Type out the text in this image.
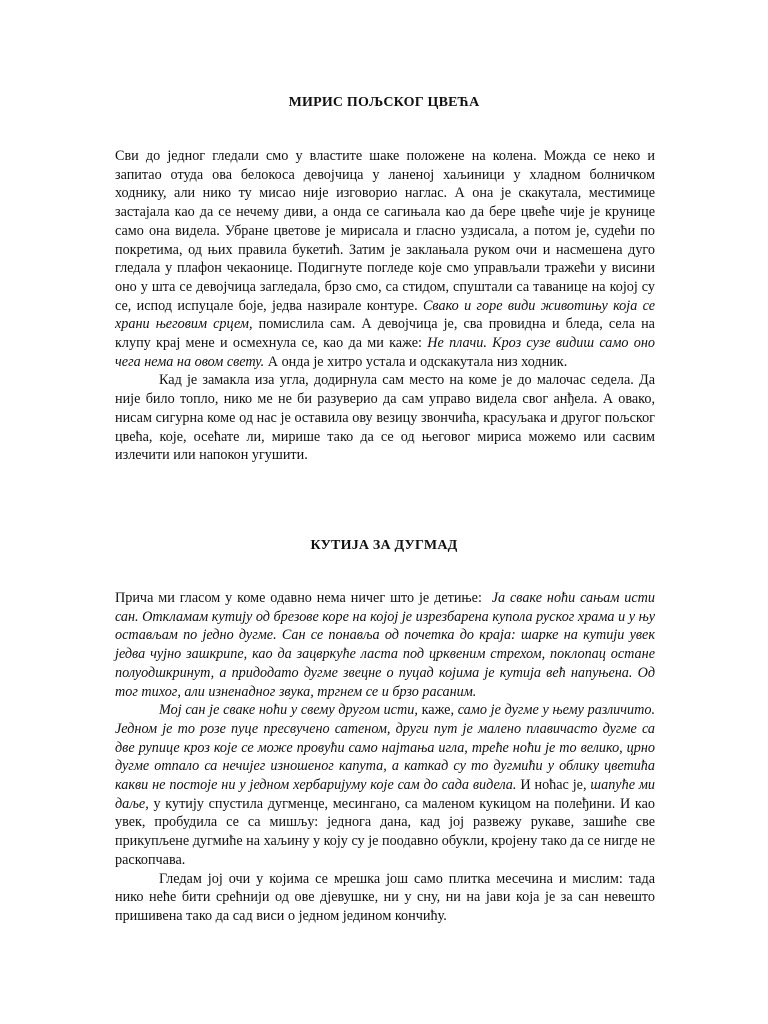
МИРИС ПОЉСКОГ ЦВЕЋА

Сви до једног гледали смо у властите шаке положене на колена. Можда се неко и запитао отуда ова белокоса девојчица у ланеној хаљиници у хладном болничком ходнику, али нико ту мисао није изговорио наглас. А она је скакутала, местимице застајала као да се нечему диви, а онда се сагињала као да бере цвеће чије је крунице само она видела. Убране цветове је мирисала и гласно уздисала, а потом је, судећи по покретима, од њих правила букетић. Затим је заклањала руком очи и насмешена дуго гледала у плафон чекаонице. Подигнуте погледе које смо управљали тражећи у висини оно у шта се девојчица загледала, брзо смо, са стидом, спуштали са таванице на којој су се, испод испуцале боје, једва назирале контуре. Свако и горе види животињу која се храни његовим срцем, помислила сам. А девојчица је, сва провидна и бледа, села на клупу крај мене и осмехнула се, као да ми каже: Не плачи. Кроз сузе видиш само оно чега нема на овом свету. А онда је хитро устала и одскакутала низ ходник.

Кад је замакла иза угла, додирнула сам место на коме је до малочас седела. Да није било топло, нико ме не би разуверио да сам управо видела свог анђела. А овако, нисам сигурна коме од нас је оставила ову везицу звончића, красуљака и другог пољског цвећа, које, осећате ли, мирише тако да се од његовог мириса можемо или сасвим излечити или напокон угушити.

КУТИЈА ЗА ДУГМАД

Прича ми гласом у коме одавно нема ничег што је детиње: Ја сваке ноћи сањам исти сан. Откламам кутију од брезове коре на којој је изрезбарена купола руског храма и у њу остављам по једно дугме. Сан се понавља од почетка до краја: шарке на кутији увек једва чујно зашкрипе, као да зацвркуће ласта под црквеним стрехом, поклопац остане полуодшкринут, а придодато дугме звецне о пуцад којима је кутија већ напуњена. Од тог тихог, али изненадног звука, тргнем се и брзо расаним.

Мој сан је сваке ноћи у свему другом исти, каже, само је дугме у њему различито. Једном је то розе пуце пресвучено сатеном, други пут је малено плавичасто дугме са две рупице кроз које се може провући само најтања игла, треће ноћи је то велико, црно дугме отпало са нечијег изношеног капута, а каткад су то дугмићи у облику цветића какви не постоје ни у једном хербаријуму које сам до сада видела. И ноћас је, шапуће ми даље, у кутију спустила дугменце, месингано, са маленом кукицом на полеђини. И као увек, пробудила се са мишљу: једнога дана, кад јој развежу рукаве, зашиће све прикупљене дугмиће на хаљину у коју су је поодавно обукли, кројену тако да се нигде не раскопчава.

Гледам јој очи у којима се мрешка још само плитка месечина и мислим: тада нико неће бити срећнији од ове дјевушке, ни у сну, ни на јави која је за сан невешто пришивена тако да сад виси о једном јединoм кончићу.
